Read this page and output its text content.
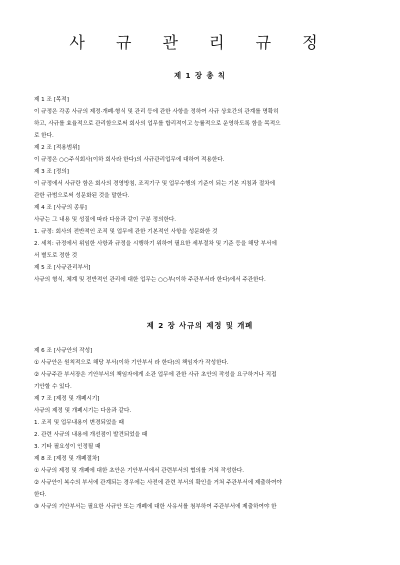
사 규 관 리 규 정
제 1 장 총 칙
제 1 조 [목적]
이 규정은 각종 사규의 제정·개폐·형식 및 관리 등에 관한 사항을 정하여 사규 상호간의 관계를 명확히
하고, 사규를 효율적으로 관리함으로써 회사의 업무를 합리적이고 능률적으로 운영하도록 함을 목적으
로 한다.
제 2 조 [적용범위]
이 규정은 ○○주식회사(이하 회사라 한다)의 사규관리업무에 대하여 적용한다.
제 3 조 [정의]
이 규정에서 사규란 함은 회사의 경영방침, 조직기구 및 업무수행의 기준이 되는 기본 지침과 절차에
관한 규범으로써 성문화된 것을 말한다.
제 4 조 [사규의 종류]
사규는 그 내용 및 성질에 따라 다음과 같이 구분 정의한다.
1. 규정: 회사의 전반적인 조직 및 업무에 관한 기본적인 사항을 성문화한 것
2. 세칙: 규정에서 위임한 사항과 규정을 시행하기 위하여 필요한 세부절차 및 기준 등을 해당 부서에
서 별도로 정한 것
제 5 조 [사규관리부서]
사규의 형식, 체계 및 전반적인 관리에 대한 업무는 ○○부(이하 주관부서라 한다)에서 주관한다.
제 2 장 사규의 제정 및 개폐
제 6 조 [사규안의 작성]
① 사규안은 원칙적으로 해당 부서(이하 기안부서 라 한다)의 책임자가 작성한다.
② 사규주관 부서장은 기안부서의 책임자에게 소관 업무에 관한 사규 초안의 작성을 요구하거나 직접
기안할 수 있다.
제 7 조 [제정 및 개폐시기]
사규의 제정 및 개폐시기는 다음과 같다.
1. 조직 및 업무내용이 변경되었을 때
2. 관련 사규의 내용에 개선점이 발견되었을 때
3. 기타 필요성이 인정될 때
제 8 조 [제정 및 개폐절차]
① 사규의 제정 및 개폐에 대한 초안은 기안부서에서 관련부서의 협의를 거쳐 작성한다.
② 사규안이 복수의 부서에 관계되는 경우에는 사전에 관련 부서의 확인을 거쳐 주관부서에 제출하여야
한다.
③ 사규의 기안부서는 필요한 사규안 또는 개폐에 대한 사유서를 첨부하여 주관부서에 제출하여야 한
